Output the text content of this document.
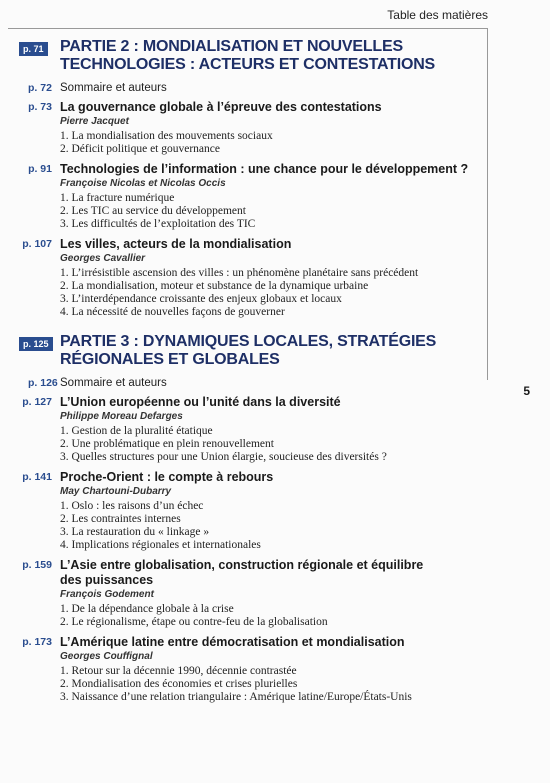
Table des matières
5
p. 71 PARTIE 2 : MONDIALISATION ET NOUVELLES
TECHNOLOGIES : ACTEURS ET CONTESTATIONS
p. 72 Sommaire et auteurs
p. 73 La gouvernance globale à l’épreuve des contestations
Pierre Jacquet
1. La mondialisation des mouvements sociaux
2. Déficit politique et gouvernance
p. 91 Technologies de l’information : une chance pour le développement ?
Françoise Nicolas et Nicolas Occis
1. La fracture numérique
2. Les TIC au service du développement
3. Les difficultés de l’exploitation des TIC
p. 107 Les villes, acteurs de la mondialisation
Georges Cavallier
1. L’irrésistible ascension des villes : un phénomène planétaire sans précédent
2. La mondialisation, moteur et substance de la dynamique urbaine
3. L’interdépendance croissante des enjeux globaux et locaux
4. La nécessité de nouvelles façons de gouverner
p. 125 PARTIE 3 : DYNAMIQUES LOCALES, STRATÉGIES
RÉGIONALES ET GLOBALES
p. 126 Sommaire et auteurs
p. 127 L’Union européenne ou l’unité dans la diversité
Philippe Moreau Defarges
1. Gestion de la pluralité étatique
2. Une problématique en plein renouvellement
3. Quelles structures pour une Union élargie, soucieuse des diversités ?
p. 141 Proche-Orient : le compte à rebours
May Chartouni-Dubarry
1. Oslo : les raisons d’un échec
2. Les contraintes internes
3. La restauration du « linkage »
4. Implications régionales et internationales
p. 159 L’Asie entre globalisation, construction régionale et équilibre
des puissances
François Godement
1. De la dépendance globale à la crise
2. Le régionalisme, étape ou contre-feu de la globalisation
p. 173 L’Amérique latine entre démocratisation et mondialisation
Georges Couffignal
1. Retour sur la décennie 1990, décennie contrastée
2. Mondialisation des économies et crises plurielles
3. Naissance d’une relation triangulaire : Amérique latine/Europe/États-Unis
